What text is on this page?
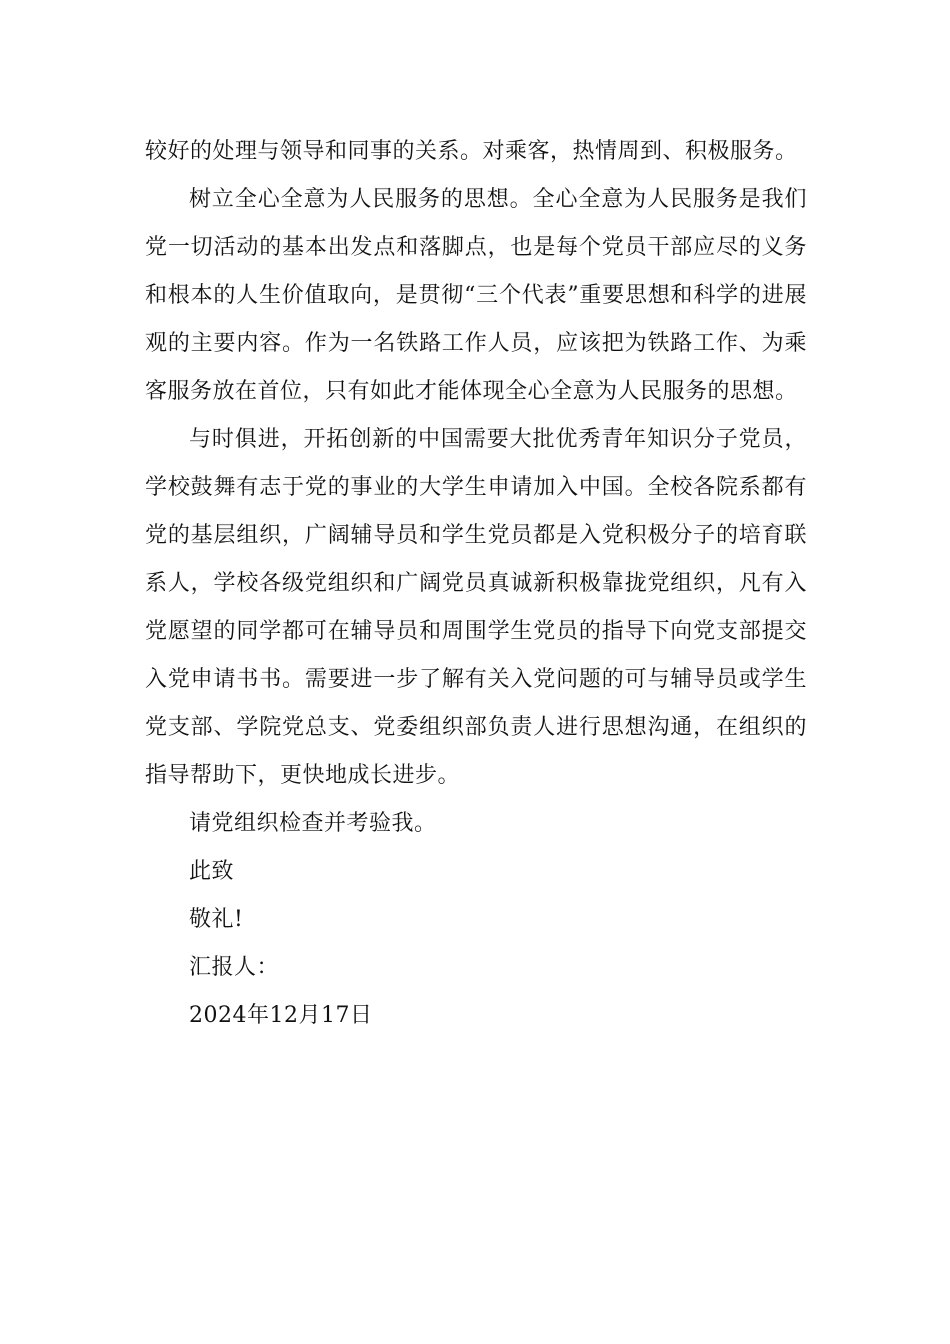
较好的处理与领导和同事的关系。对乘客，热情周到、积极服务。

树立全心全意为人民服务的思想。全心全意为人民服务是我们党一切活动的基本出发点和落脚点，也是每个党员干部应尽的义务和根本的人生价值取向，是贯彻“三个代表”重要思想和科学的进展观的主要内容。作为一名铁路工作人员，应该把为铁路工作、为乘客服务放在首位，只有如此才能体现全心全意为人民服务的思想。

与时俱进，开拓创新的中国需要大批优秀青年知识分子党员，学校鼓舞有志于党的事业的大学生申请加入中国。全校各院系都有党的基层组织，广阔辅导员和学生党员都是入党积极分子的培育联系人，学校各级党组织和广阔党员真诚新积极靠拢党组织，凡有入党愿望的同学都可在辅导员和周围学生党员的指导下向党支部提交入党申请书书。需要进一步了解有关入党问题的可与辅导员或学生党支部、学院党总支、党委组织部负责人进行思想沟通，在组织的指导帮助下，更快地成长进步。

请党组织检查并考验我。

此致

敬礼!

汇报人：

2024年12月17日
